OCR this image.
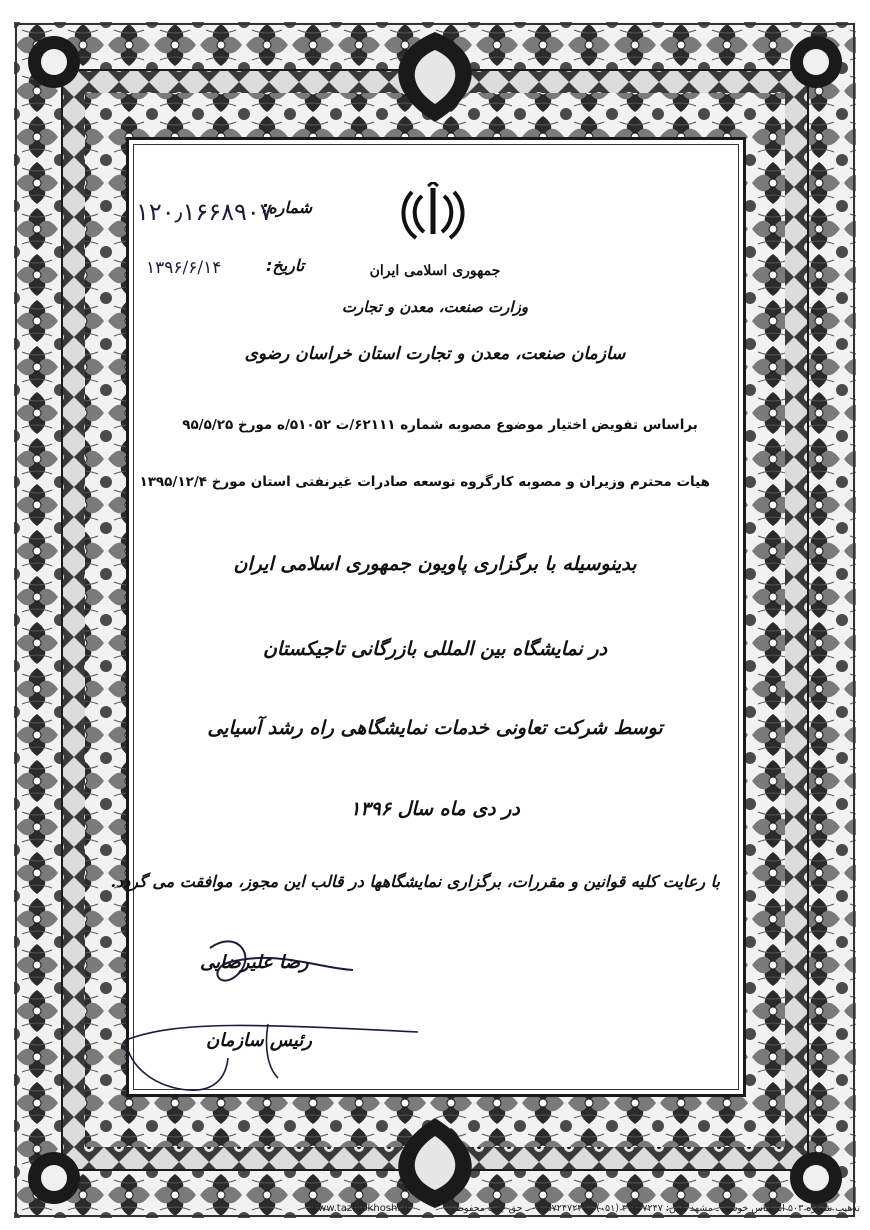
شماره:
۱۲۰٫۱۶۶۸۹۰۷
تاریخ:
۱۳۹۶/۶/۱۴	جمهوری اسلامی ایران
وزارت صنعت، معدن و تجارت
سازمان صنعت، معدن و تجارت استان خراسان رضوی
براساس تفویض اختیار موضوع مصوبه شماره ۶۲۱۱۱/ت ۵۱۰۵۲/ه مورخ ۹۵/۵/۲۵
هیات محترم وزیران و مصوبه کارگروه توسعه صادرات غیرنفتی استان مورخ ۱۳۹۵/۱۲/۴
بدینوسیله با برگزاری پاویون جمهوری اسلامی ایران
در نمایشگاه بین المللی بازرگانی تاجیکستان
توسط شرکت تعاونی خدمات نمایشگاهی راه رشد آسیایی
در دی ماه سال ۱۳۹۶
با رعایت کلیه قوانین و مقررات، برگزاری نمایشگاهها در قالب این مجوز، موافقت می گردد.
رضا علیرضایی
رئیس سازمان
www.tazhibkhoshi.ir	تذهیب شماره ۵۰۳ ابرعباس خوشی ـ مشهد تلفن: ۳۷۲۴۷۲۴۷ (۰۵۱) ـ ۰۹۱۵۷۲۴۷۲۴۷ ـ حق چاپ محفوظ
